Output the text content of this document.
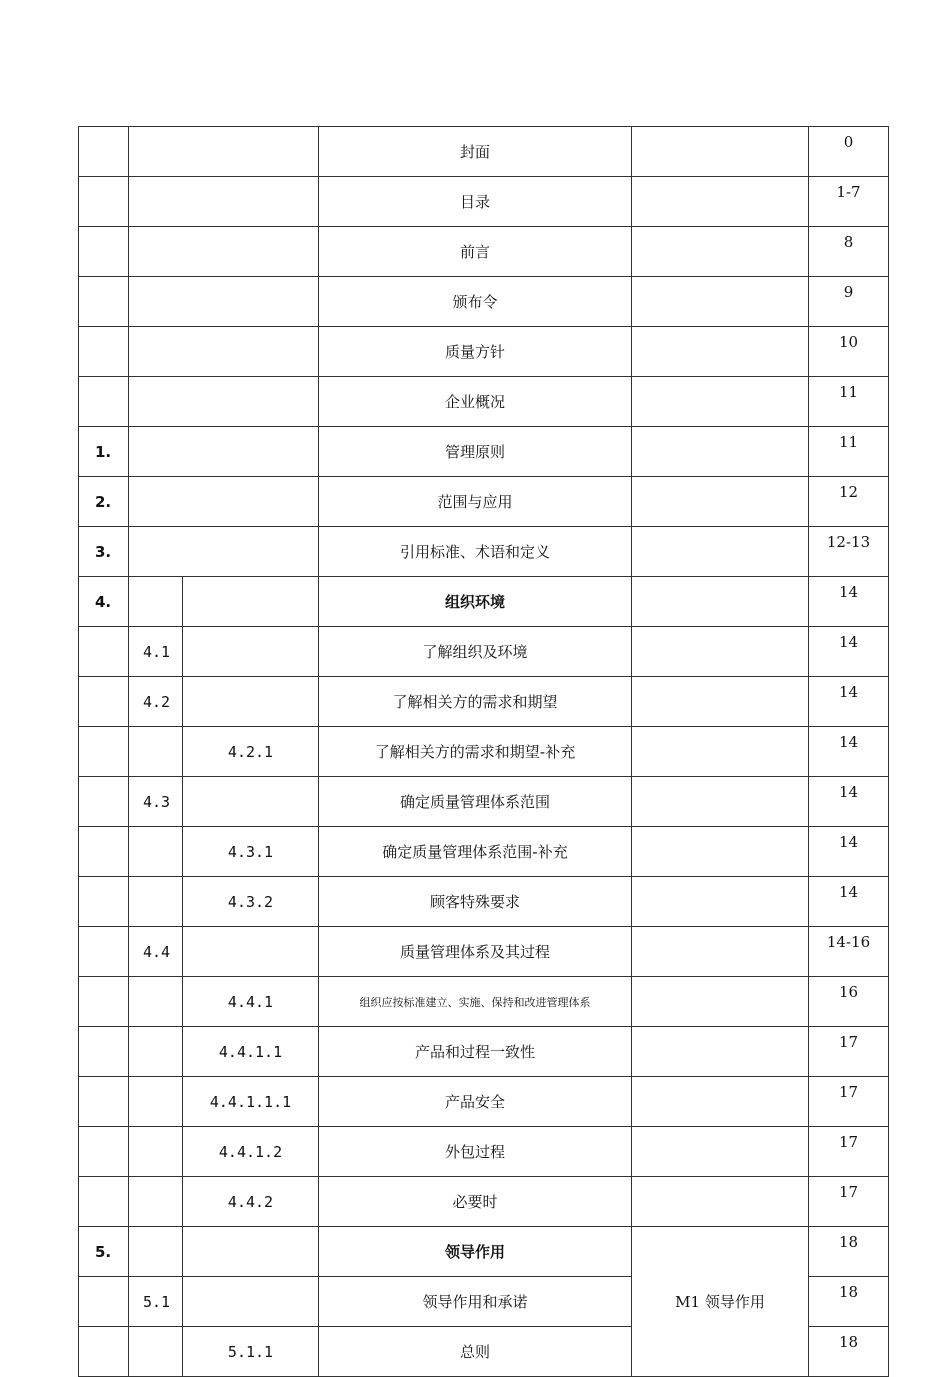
			封面		0
			目录		1-7
			前言		8
			颁布令		9
			质量方针		10
			企业概况		11
1.			管理原则		11
2.			范围与应用		12
3.			引用标准、术语和定义		12-13
4.			组织环境		14
	4.1		了解组织及环境		14
	4.2		了解相关方的需求和期望		14
		4.2.1	了解相关方的需求和期望-补充		14
	4.3		确定质量管理体系范围		14
		4.3.1	确定质量管理体系范围-补充		14
		4.3.2	顾客特殊要求		14
	4.4		质量管理体系及其过程		14-16
		4.4.1	组织应按标准建立、实施、保持和改进管理体系		16
		4.4.1.1	产品和过程一致性		17
		4.4.1.1.1	产品安全		17
		4.4.1.2	外包过程		17
		4.4.2	必要时		17
5.			领导作用	M1 领导作用	18
	5.1		领导作用和承诺		18
		5.1.1	总则		18
